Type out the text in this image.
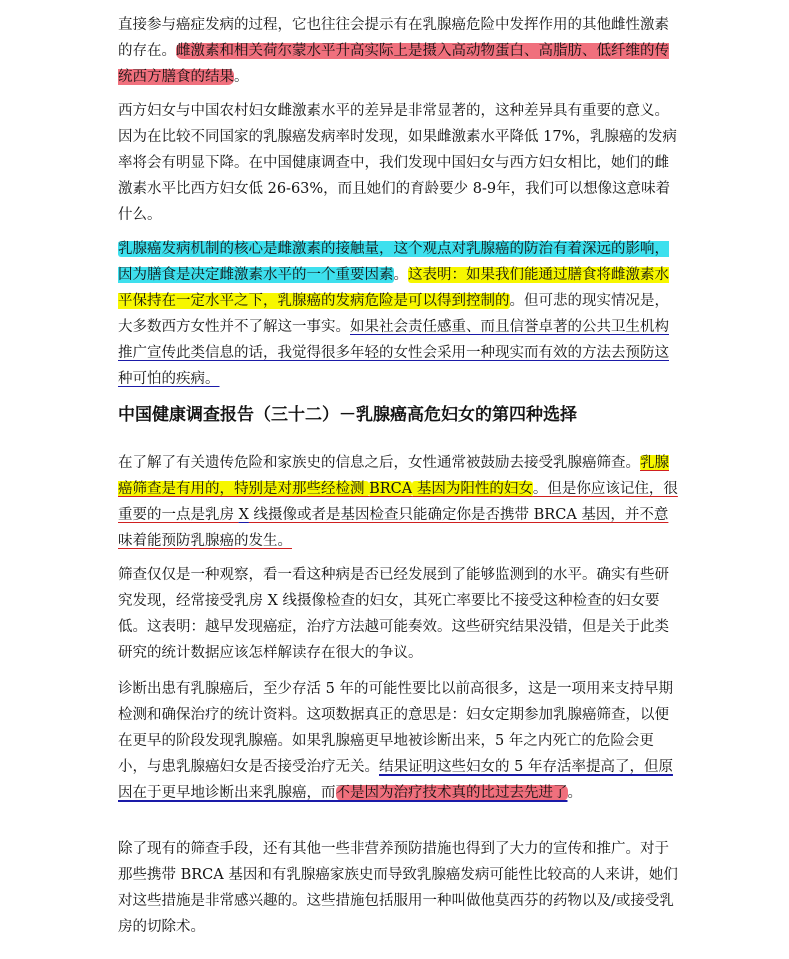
直接参与癌症发病的过程，它也往往会提示有在乳腺癌危险中发挥作用的其他雌性激素的存在。雌激素和相关荷尔蒙水平升高实际上是摄入高动物蛋白、高脂肪、低纤维的传统西方膳食的结果。

西方妇女与中国农村妇女雌激素水平的差异是非常显著的，这种差异具有重要的意义。因为在比较不同国家的乳腺癌发病率时发现，如果雌激素水平降低 17%，乳腺癌的发病率将会有明显下降。在中国健康调查中，我们发现中国妇女与西方妇女相比，她们的雌激素水平比西方妇女低 26-63%，而且她们的育龄要少 8-9年，我们可以想像这意味着什么。

乳腺癌发病机制的核心是雌激素的接触量，这个观点对乳腺癌的防治有着深远的影响，因为膳食是决定雌激素水平的一个重要因素。这表明：如果我们能通过膳食将雌激素水平保持在一定水平之下，乳腺癌的发病危险是可以得到控制的。但可悲的现实情况是，大多数西方女性并不了解这一事实。如果社会责任感重、而且信誉卓著的公共卫生机构推广宣传此类信息的话，我觉得很多年轻的女性会采用一种现实而有效的方法去预防这种可怕的疾病。

中国健康调查报告（三十二）－乳腺癌高危妇女的第四种选择

在了解了有关遗传危险和家族史的信息之后，女性通常被鼓励去接受乳腺癌筛查。乳腺癌筛查是有用的，特别是对那些经检测 BRCA 基因为阳性的妇女。但是你应该记住，很重要的一点是乳房 X 线摄像或者是基因检查只能确定你是否携带 BRCA 基因，并不意味着能预防乳腺癌的发生。

筛查仅仅是一种观察，看一看这种病是否已经发展到了能够监测到的水平。确实有些研究发现，经常接受乳房 X 线摄像检查的妇女，其死亡率要比不接受这种检查的妇女要低。这表明：越早发现癌症，治疗方法越可能奏效。这些研究结果没错，但是关于此类研究的统计数据应该怎样解读存在很大的争议。

诊断出患有乳腺癌后，至少存活 5 年的可能性要比以前高很多，这是一项用来支持早期检测和确保治疗的统计资料。这项数据真正的意思是：妇女定期参加乳腺癌筛查，以便在更早的阶段发现乳腺癌。如果乳腺癌更早地被诊断出来，5 年之内死亡的危险会更小，与患乳腺癌妇女是否接受治疗无关。结果证明这些妇女的 5 年存活率提高了，但原因在于更早地诊断出来乳腺癌，而不是因为治疗技术真的比过去先进了。

除了现有的筛查手段，还有其他一些非营养预防措施也得到了大力的宣传和推广。对于那些携带 BRCA 基因和有乳腺癌家族史而导致乳腺癌发病可能性比较高的人来讲，她们对这些措施是非常感兴趣的。这些措施包括服用一种叫做他莫西芬的药物以及/或接受乳房的切除术。
